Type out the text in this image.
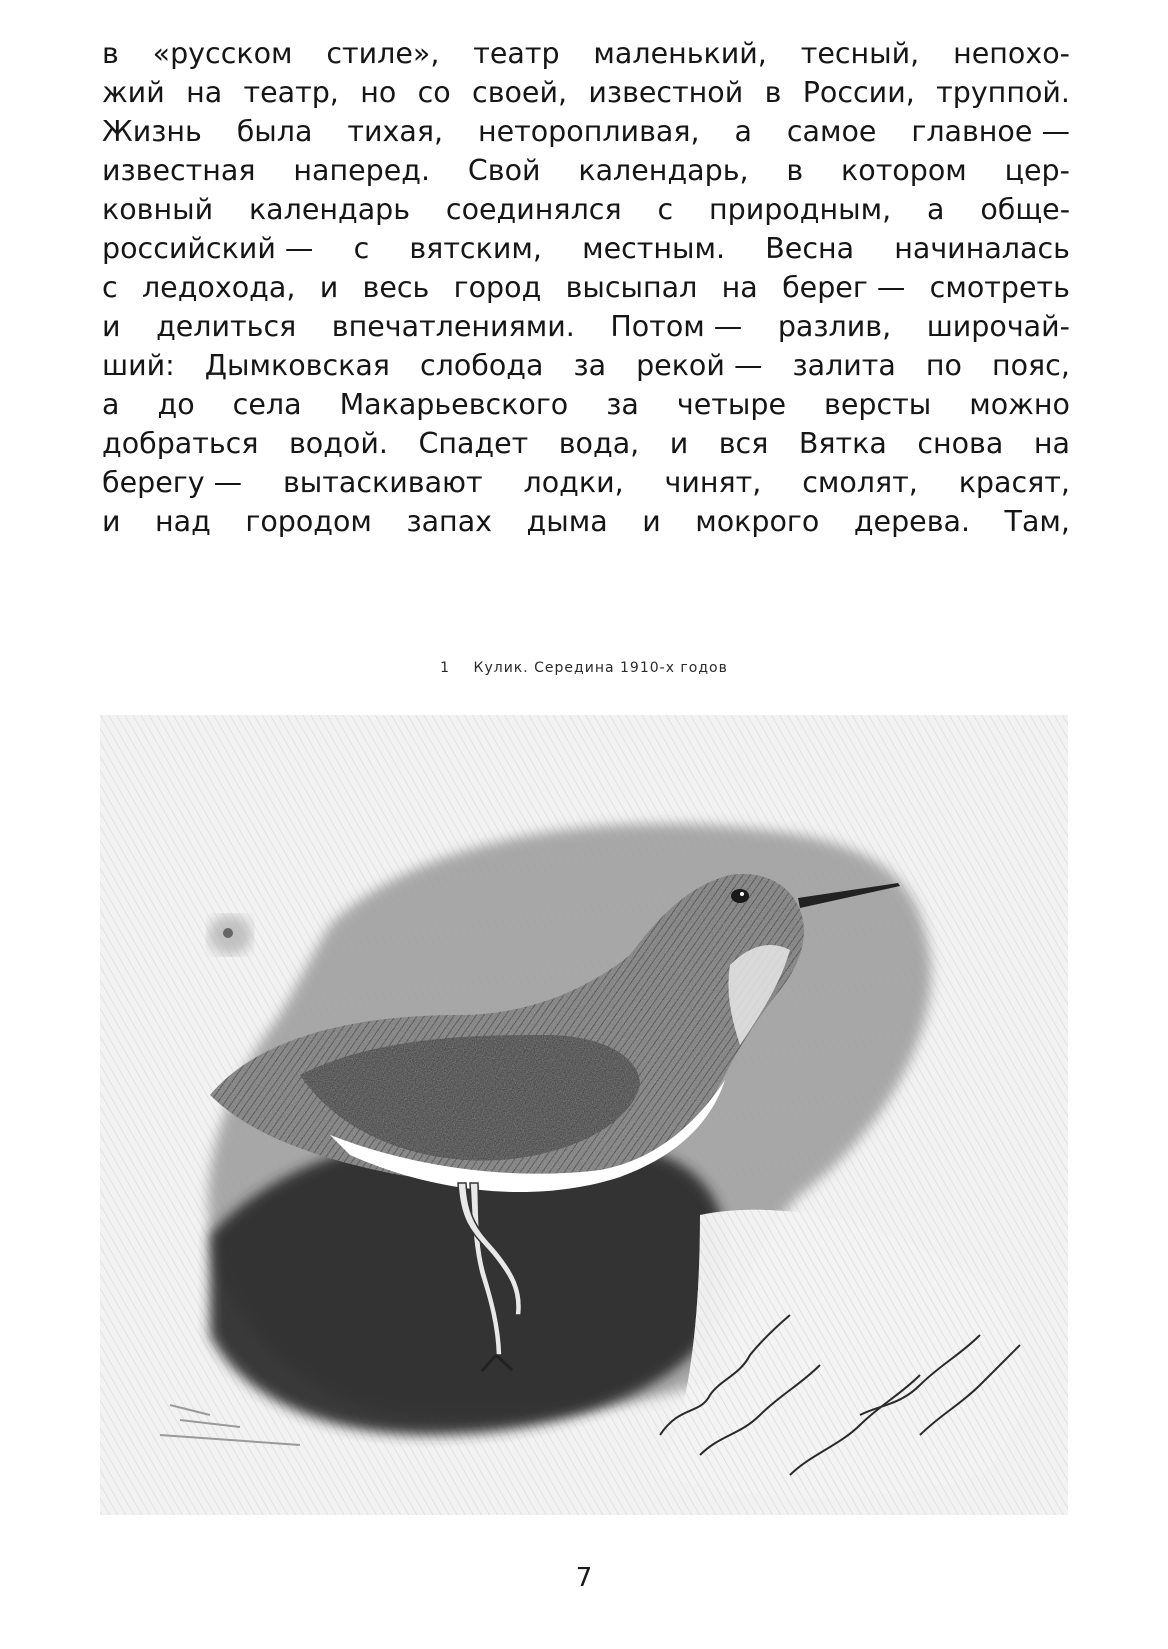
в «русском стиле», театр маленький, тесный, непохо-
жий на театр, но со своей, известной в России, труппой.
Жизнь была тихая, неторопливая, а самое главное —
известная наперед. Свой календарь, в котором цер-
ковный календарь соединялся с природным, а обще-
российский — с вятским, местным. Весна начиналась
с ледохода, и весь город высыпал на берег — смотреть
и делиться впечатлениями. Потом — разлив, широчай-
ший: Дымковская слобода за рекой — залита по пояс,
а до села Макарьевского за четыре версты можно
добраться водой. Спадет вода, и вся Вятка снова на
берегу — вытаскивают лодки, чинят, смолят, красят,
и над городом запах дыма и мокрого дерева. Там,
1 Кулик. Середина 1910-х годов
7
